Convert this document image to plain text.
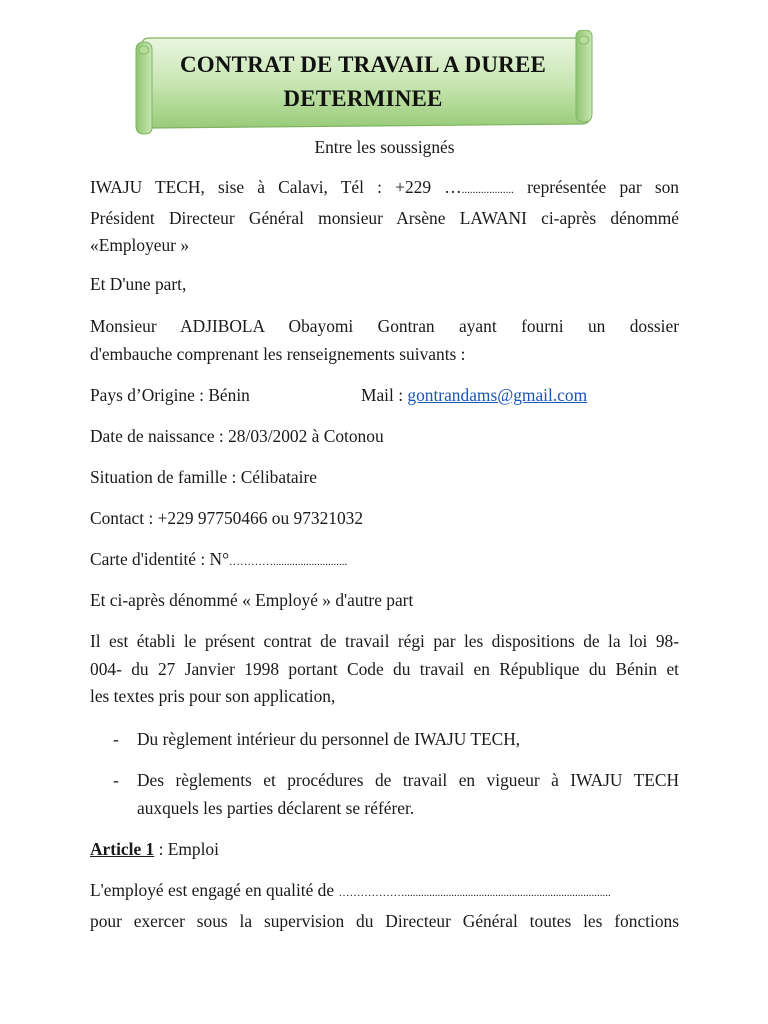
CONTRAT DE TRAVAIL A DUREE
DETERMINEE
Entre les soussignés
IWAJU TECH, sise à Calavi, Tél : +229 …................... représentée par son
Président Directeur Général monsieur Arsène LAWANI ci-après dénommé
«Employeur »
Et D'une part,
Monsieur ADJIBOLA Obayomi Gontran ayant fourni un dossier
d'embauche comprenant les renseignements suivants :
Pays d’Origine : Bénin	Mail : gontrandams@gmail.com
Date de naissance : 28/03/2002 à Cotonou
Situation de famille : Célibataire
Contact : +229 97750466 ou 97321032
Carte d'identité : N°…………...........................
Et ci-après dénommé « Employé » d'autre part
Il est établi le présent contrat de travail régi par les dispositions de la loi 98-
004- du 27 Janvier 1998 portant Code du travail en République du Bénin et
les textes pris pour son application,
- Du règlement intérieur du personnel de IWAJU TECH,
- Des règlements et procédures de travail en vigueur à IWAJU TECH
auxquels les parties déclarent se référer.
Article 1 : Emploi
L'employé est engagé en qualité de ………………...........................................................................
pour exercer sous la supervision du Directeur Général toutes les fonctions
